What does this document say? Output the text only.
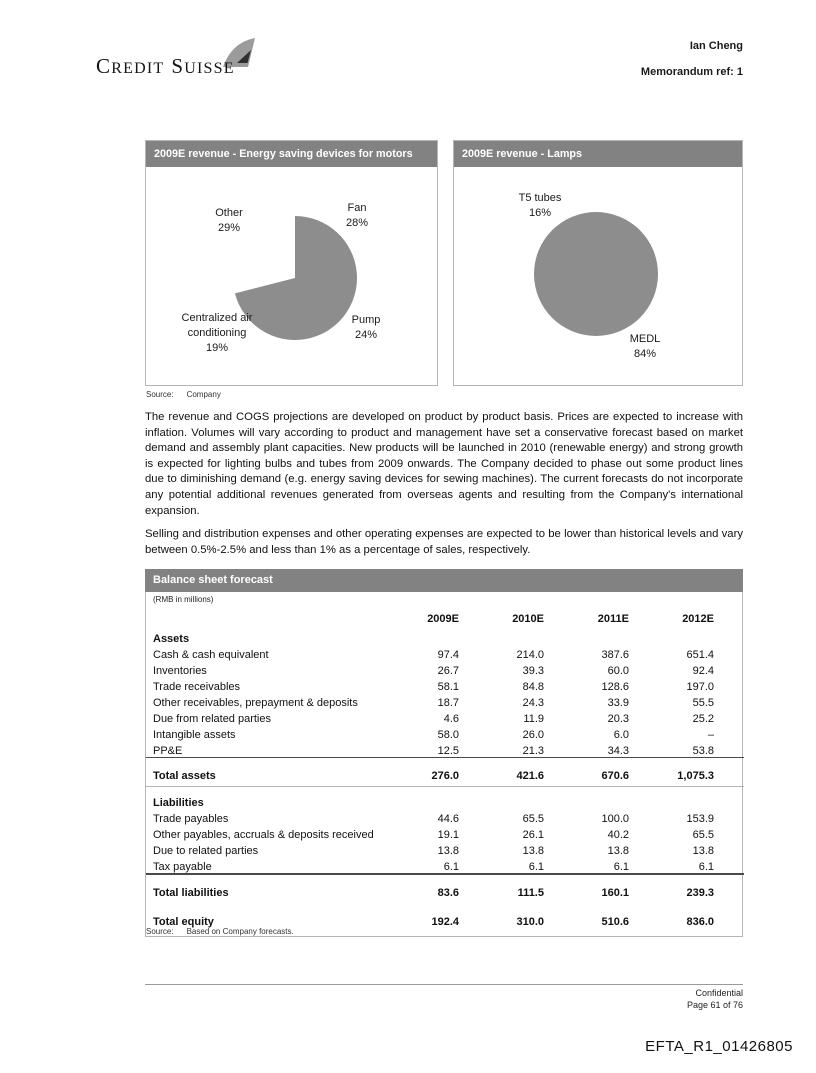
CREDIT SUISSE
Ian Cheng
Memorandum ref: 1
2009E revenue - Energy saving devices for motors
Other
29%
Fan
28%
Centralized air conditioning
19%
Pump
24%
2009E revenue - Lamps
T5 tubes
16%
MEDL
84%
Source: Company
The revenue and COGS projections are developed on product by product basis. Prices are expected to increase with inflation. Volumes will vary according to product and management have set a conservative forecast based on market demand and assembly plant capacities. New products will be launched in 2010 (renewable energy) and strong growth is expected for lighting bulbs and tubes from 2009 onwards. The Company decided to phase out some product lines due to diminishing demand (e.g. energy saving devices for sewing machines). The current forecasts do not incorporate any potential additional revenues generated from overseas agents and resulting from the Company's international expansion.
Selling and distribution expenses and other operating expenses are expected to be lower than historical levels and vary between 0.5%-2.5% and less than 1% as a percentage of sales, respectively.
Balance sheet forecast
(RMB in millions)
	2009E	2010E	2011E	2012E
Assets				
Cash & cash equivalent	97.4	214.0	387.6	651.4
Inventories	26.7	39.3	60.0	92.4
Trade receivables	58.1	84.8	128.6	197.0
Other receivables, prepayment & deposits	18.7	24.3	33.9	55.5
Due from related parties	4.6	11.9	20.3	25.2
Intangible assets	58.0	26.0	6.0	–
PP&E	12.5	21.3	34.3	53.8
Total assets	276.0	421.6	670.6	1,075.3
Liabilities				
Trade payables	44.6	65.5	100.0	153.9
Other payables, accruals & deposits received	19.1	26.1	40.2	65.5
Due to related parties	13.8	13.8	13.8	13.8
Tax payable	6.1	6.1	6.1	6.1
Total liabilities	83.6	111.5	160.1	239.3
Total equity	192.4	310.0	510.6	836.0
Source: Based on Company forecasts.
Confidential
Page 61 of 76
EFTA_R1_01426805
